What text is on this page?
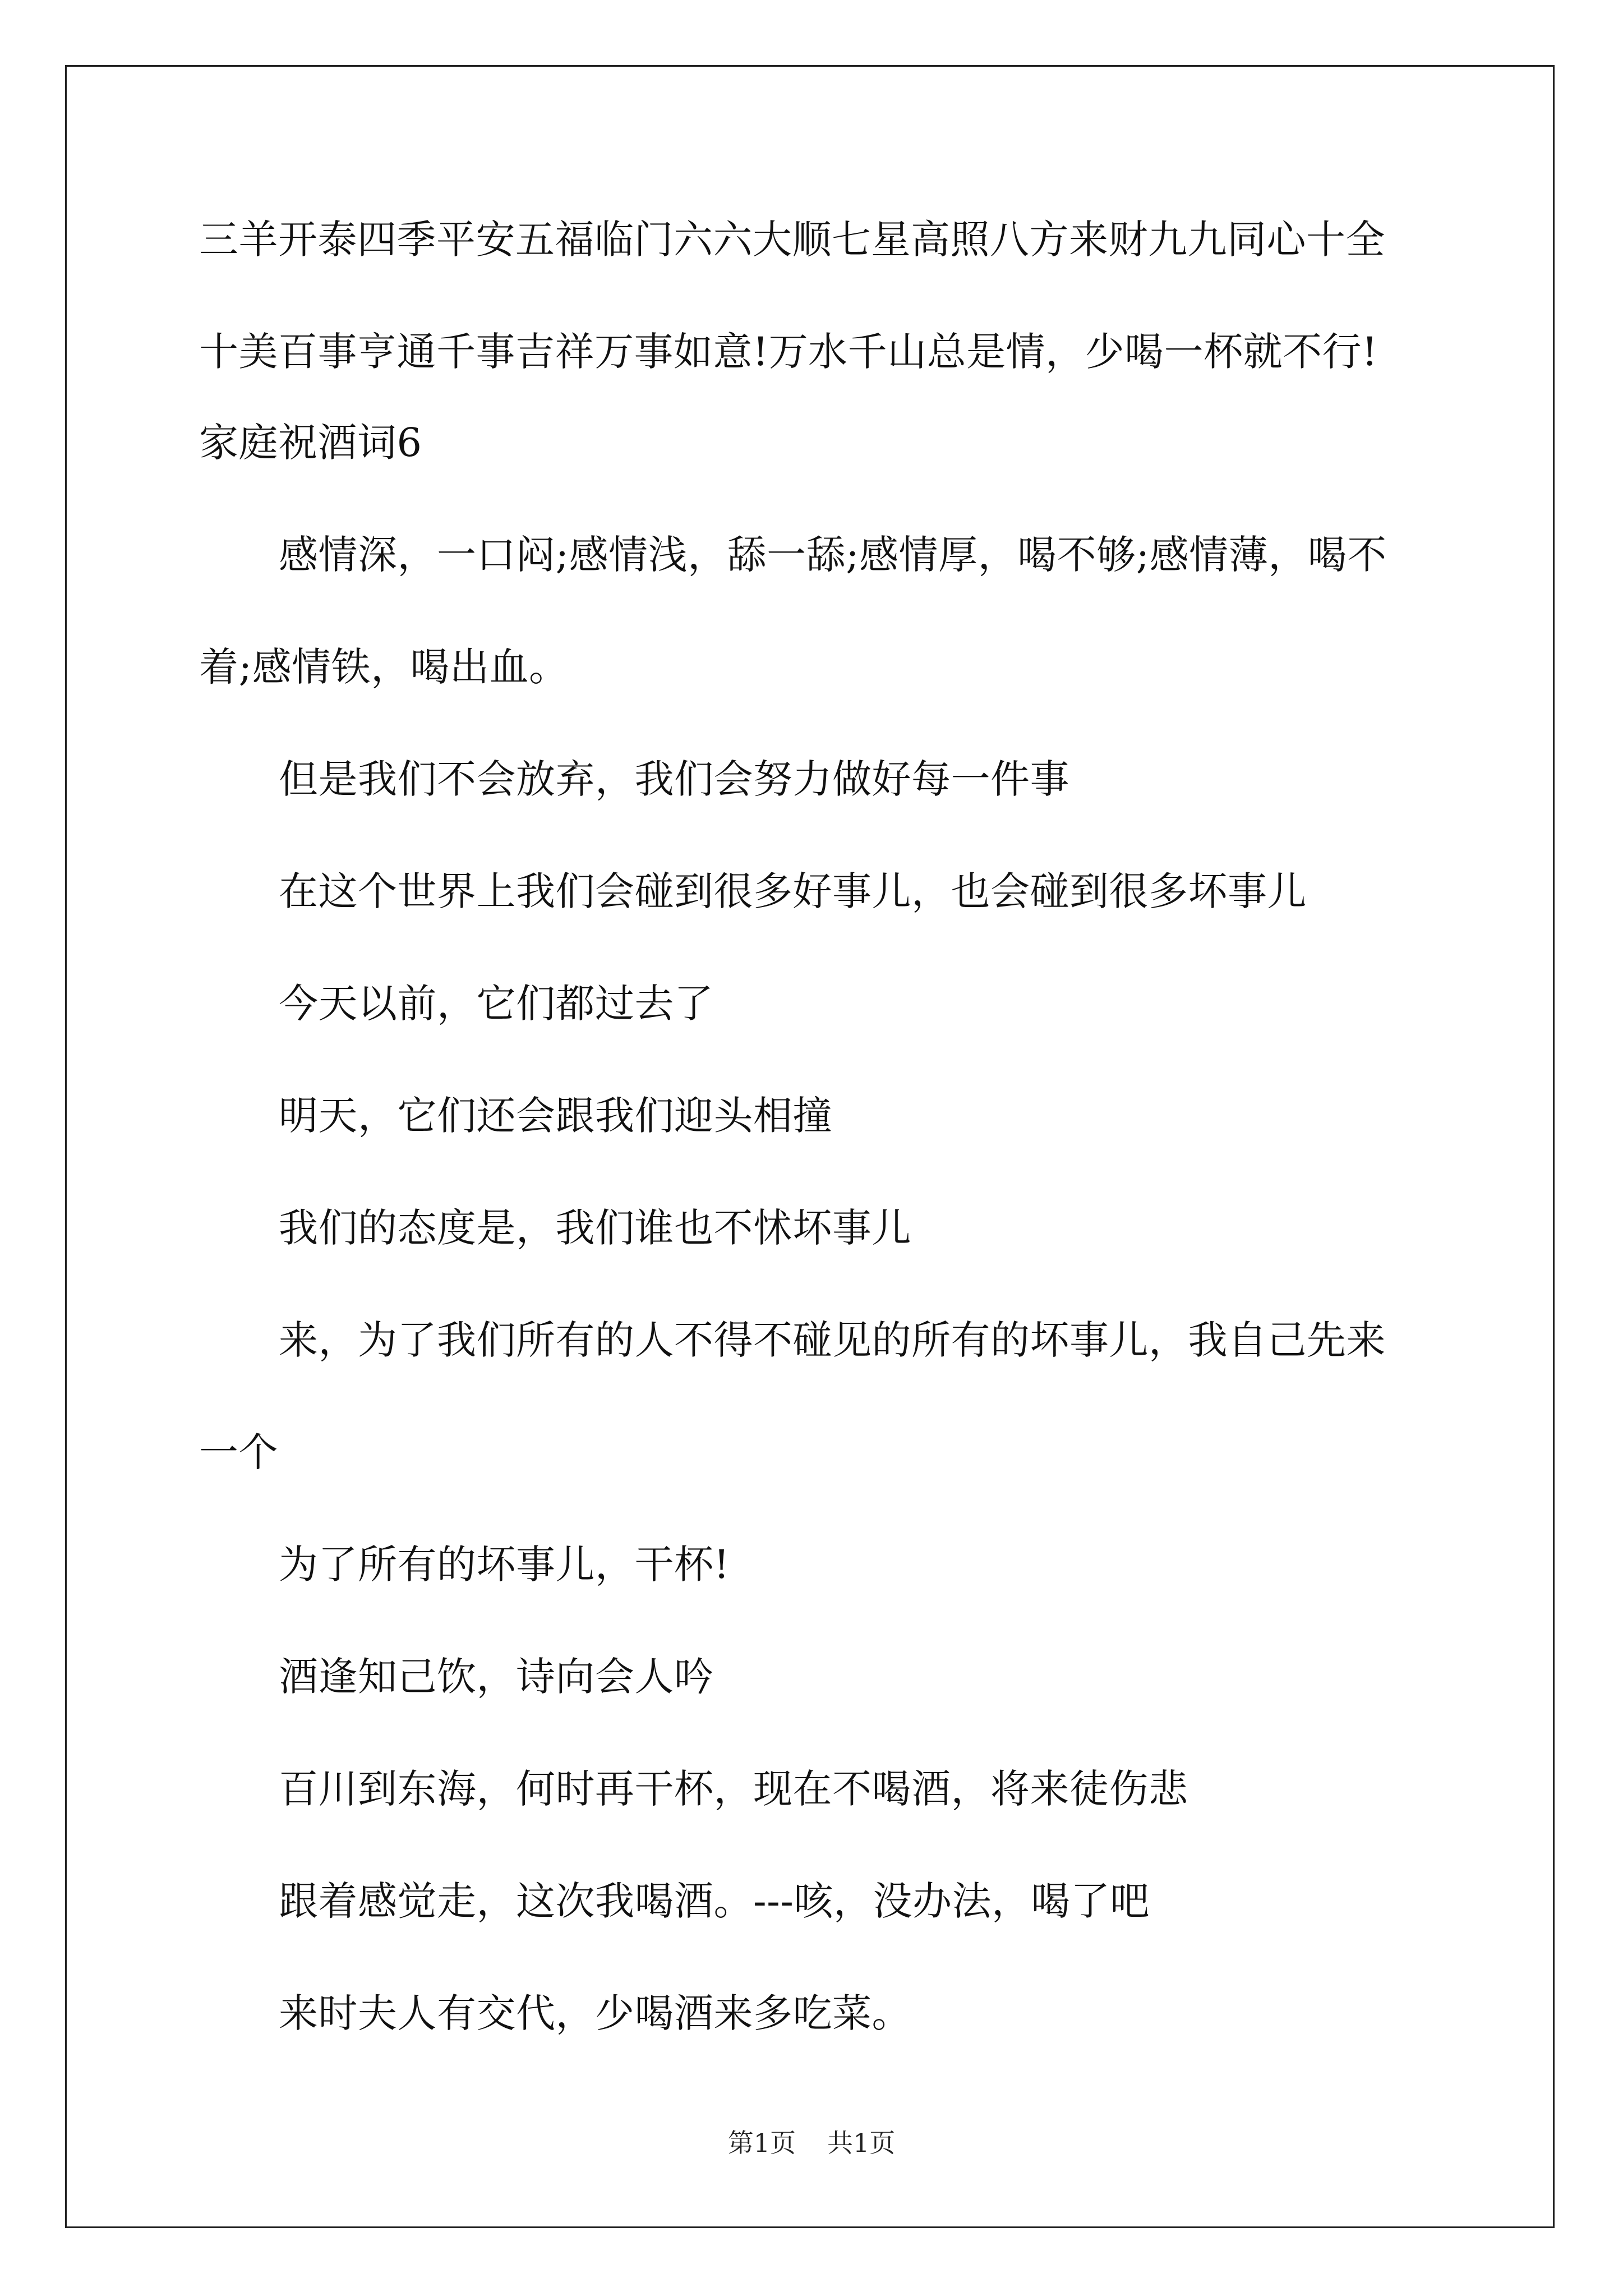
三羊开泰四季平安五福临门六六大顺七星高照八方来财九九同心十全
十美百事亨通千事吉祥万事如意!万水千山总是情，少喝一杯就不行!
家庭祝酒词6
感情深，一口闷;感情浅，舔一舔;感情厚，喝不够;感情薄，喝不
着;感情铁，喝出血。
但是我们不会放弃，我们会努力做好每一件事
在这个世界上我们会碰到很多好事儿，也会碰到很多坏事儿
今天以前，它们都过去了
明天，它们还会跟我们迎头相撞
我们的态度是，我们谁也不怵坏事儿
来，为了我们所有的人不得不碰见的所有的坏事儿，我自己先来
一个
为了所有的坏事儿，干杯!
酒逢知己饮，诗向会人吟
百川到东海，何时再干杯，现在不喝酒，将来徒伤悲
跟着感觉走，这次我喝酒。---咳，没办法，喝了吧
来时夫人有交代，少喝酒来多吃菜。
第1页 共1页
